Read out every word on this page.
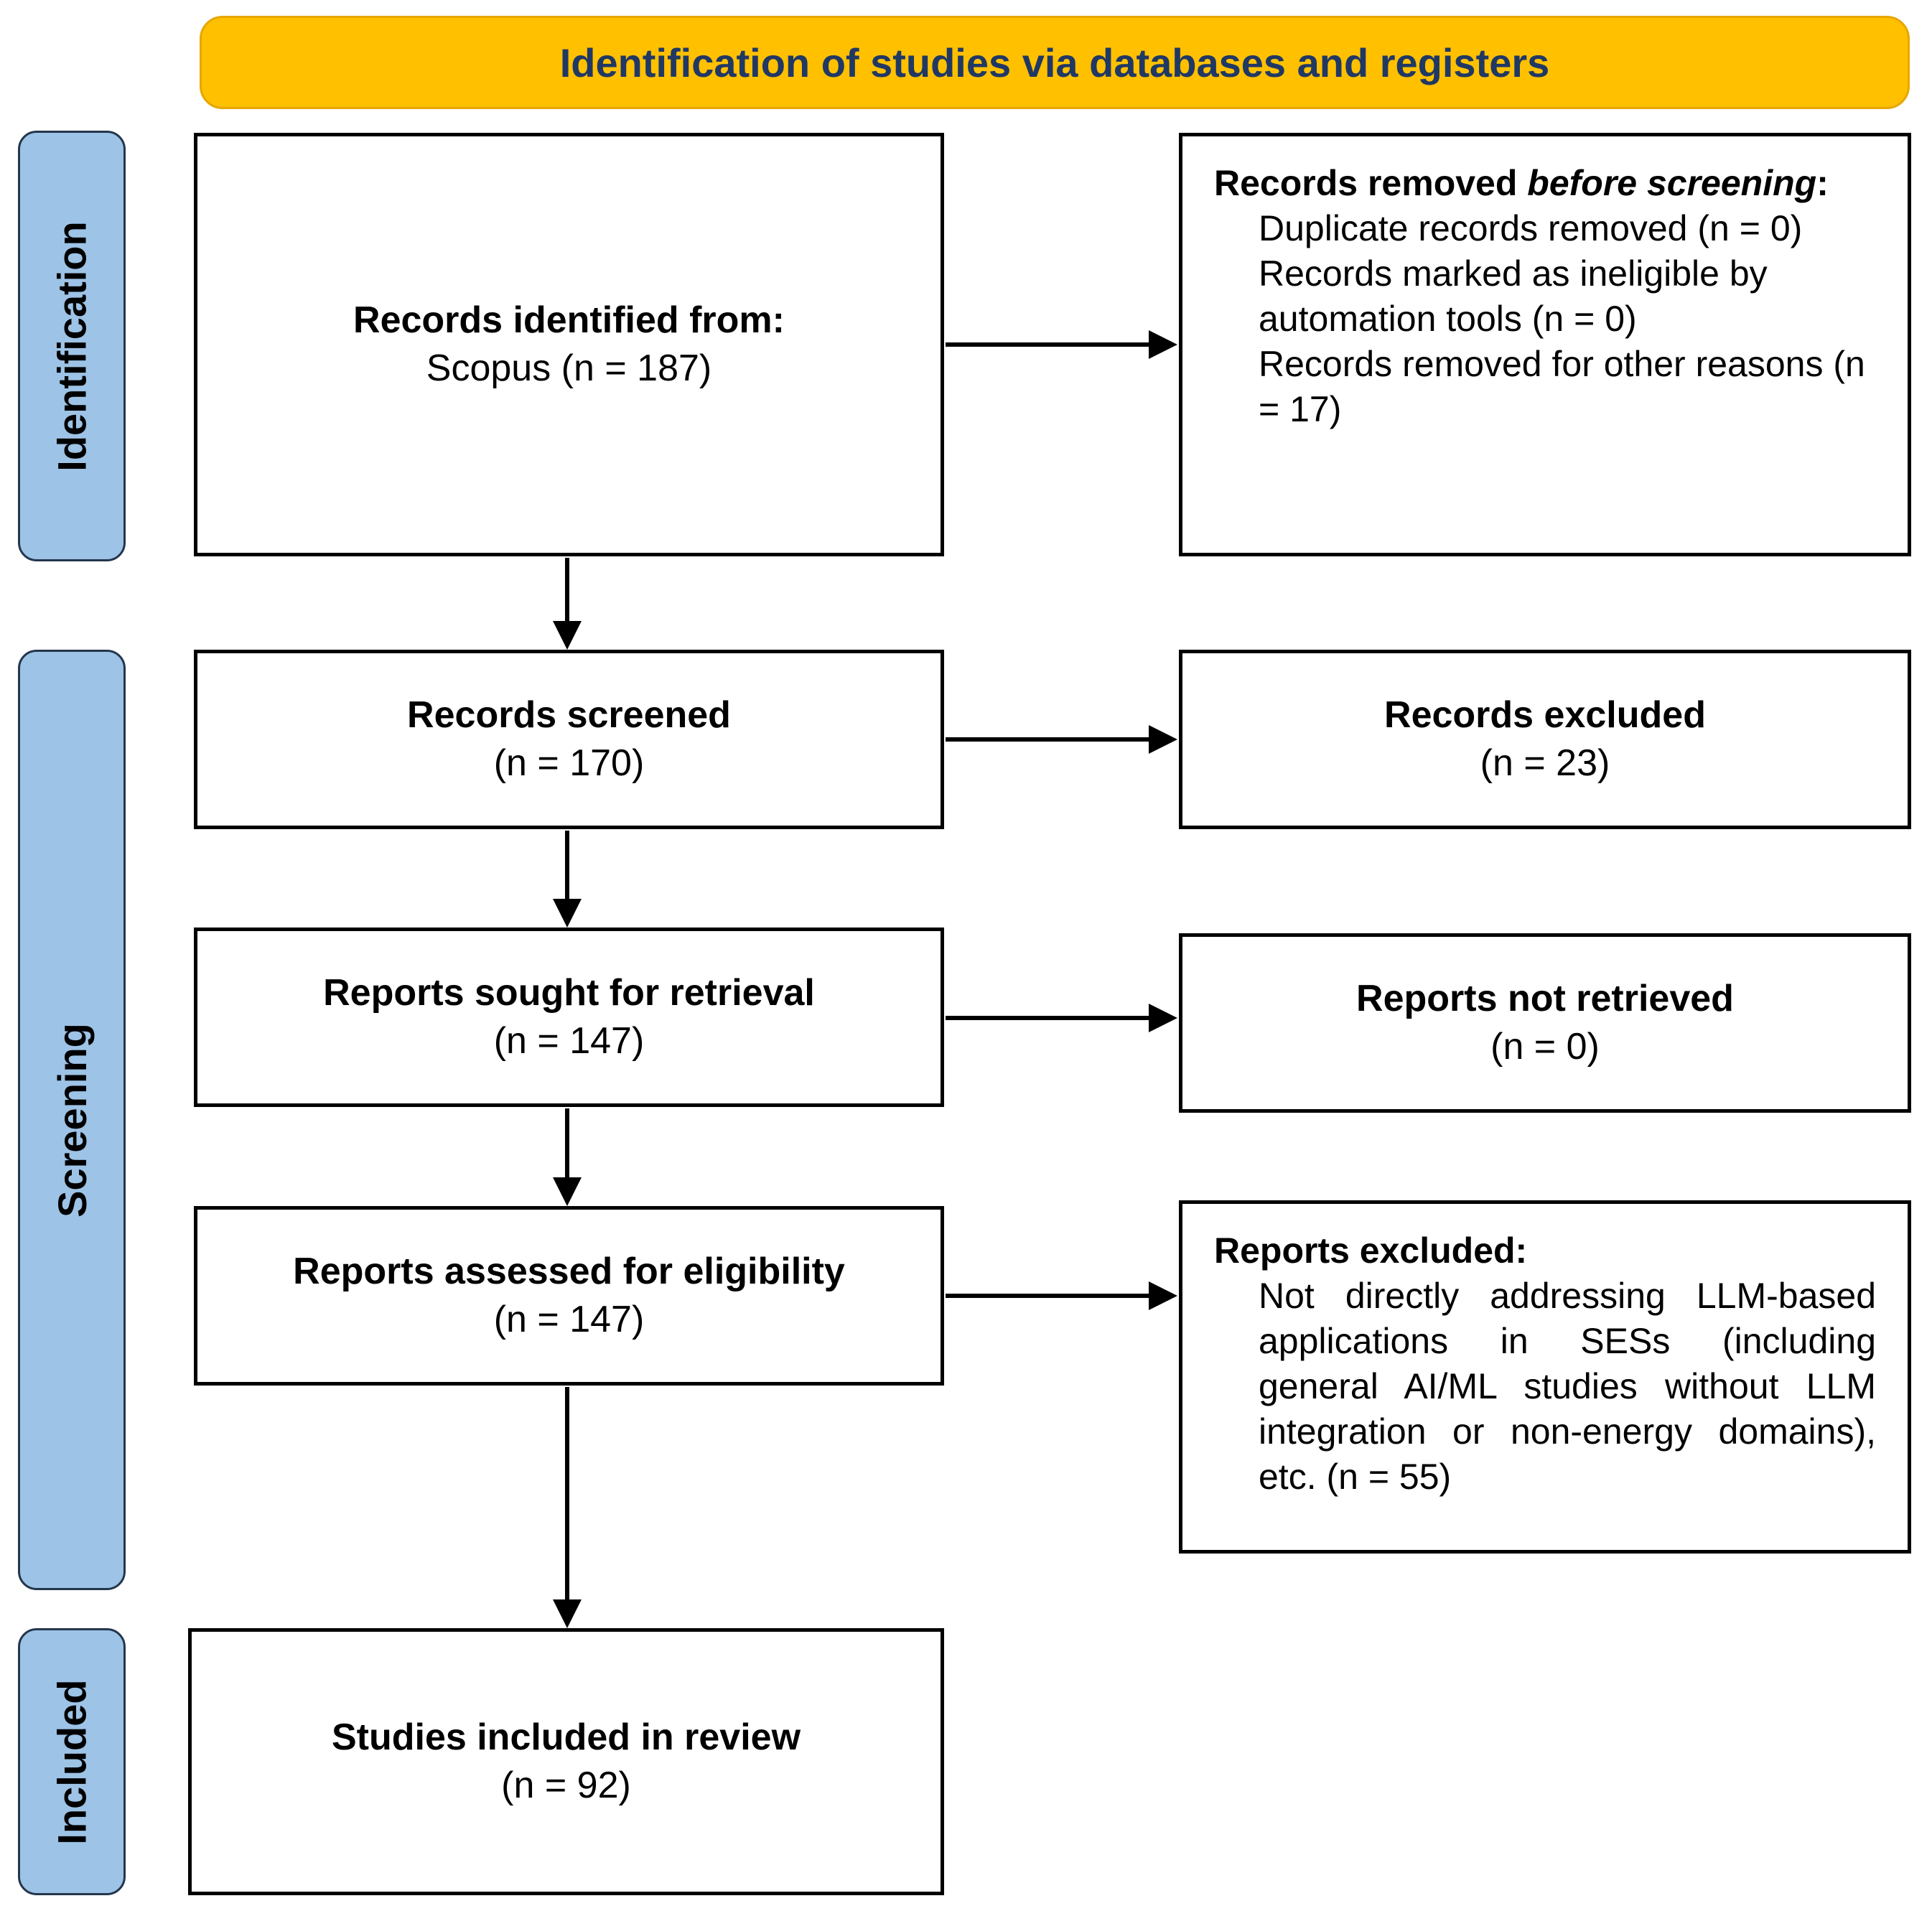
Identification of studies via databases and registers
Identification
Screening
Included
Records identified from:
Scopus (n = 187)
Records screened
(n = 170)
Reports sought for retrieval
(n = 147)
Reports assessed for eligibility
(n = 147)
Studies included in review
(n = 92)
Records removed before screening:
Duplicate records removed (n = 0)
Records marked as ineligible by automation tools (n = 0)
Records removed for other reasons (n = 17)
Records excluded
(n = 23)
Reports not retrieved
(n = 0)
Reports excluded:
Not directly addressing LLM-based applications in SESs (including general AI/ML studies without LLM integration or non-energy domains), etc. (n = 55)
